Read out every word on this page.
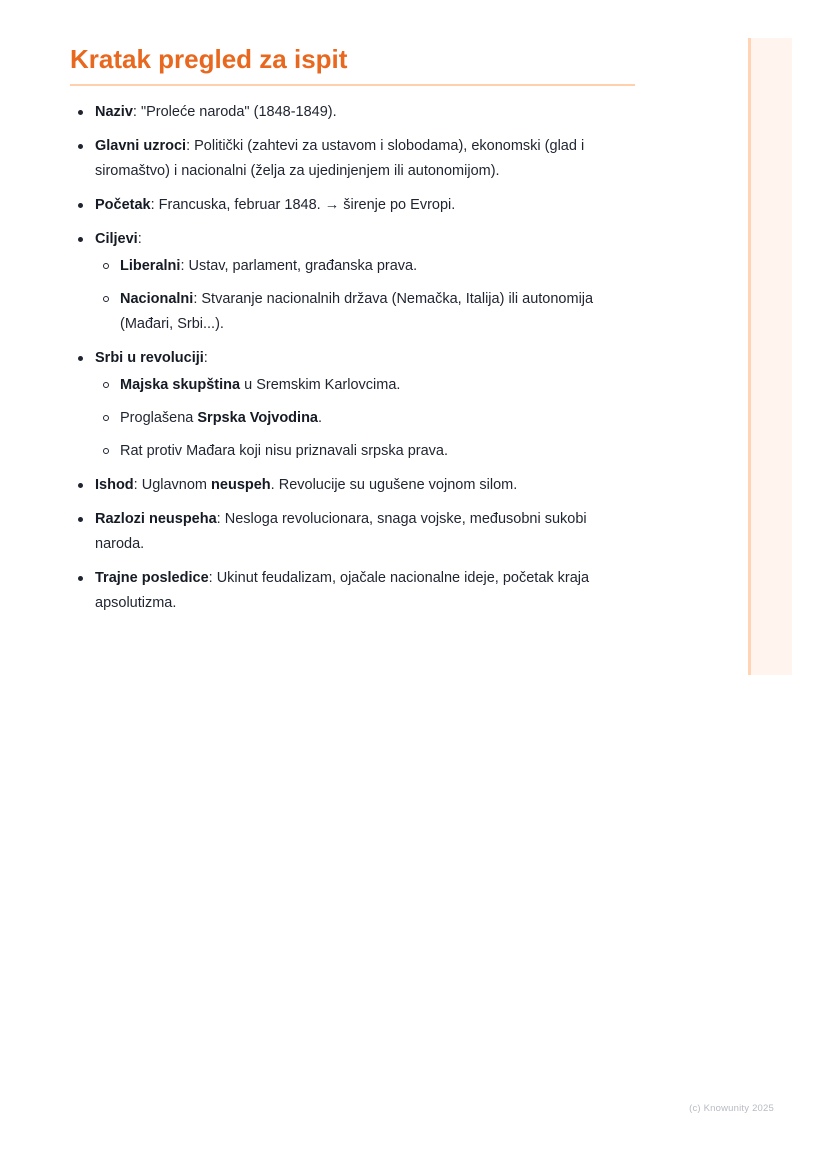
Kratak pregled za ispit
Naziv: "Proleće naroda" (1848-1849).
Glavni uzroci: Politički (zahtevi za ustavom i slobodama), ekonomski (glad i siromaštvo) i nacionalni (želja za ujedinjenjem ili autonomijom).
Početak: Francuska, februar 1848. → širenje po Evropi.
Ciljevi:
Liberalni: Ustav, parlament, građanska prava.
Nacionalni: Stvaranje nacionalnih država (Nemačka, Italija) ili autonomija (Mađari, Srbi...).
Srbi u revoluciji:
Majska skupština u Sremskim Karlovcima.
Proglašena Srpska Vojvodina.
Rat protiv Mađara koji nisu priznavali srpska prava.
Ishod: Uglavnom neuspeh. Revolucije su ugušene vojnom silom.
Razlozi neuspeha: Nesloga revolucionara, snaga vojske, međusobni sukobi naroda.
Trajne posledice: Ukinut feudalizam, ojačale nacionalne ideje, početak kraja apsolutizma.
(c) Knowunity 2025
